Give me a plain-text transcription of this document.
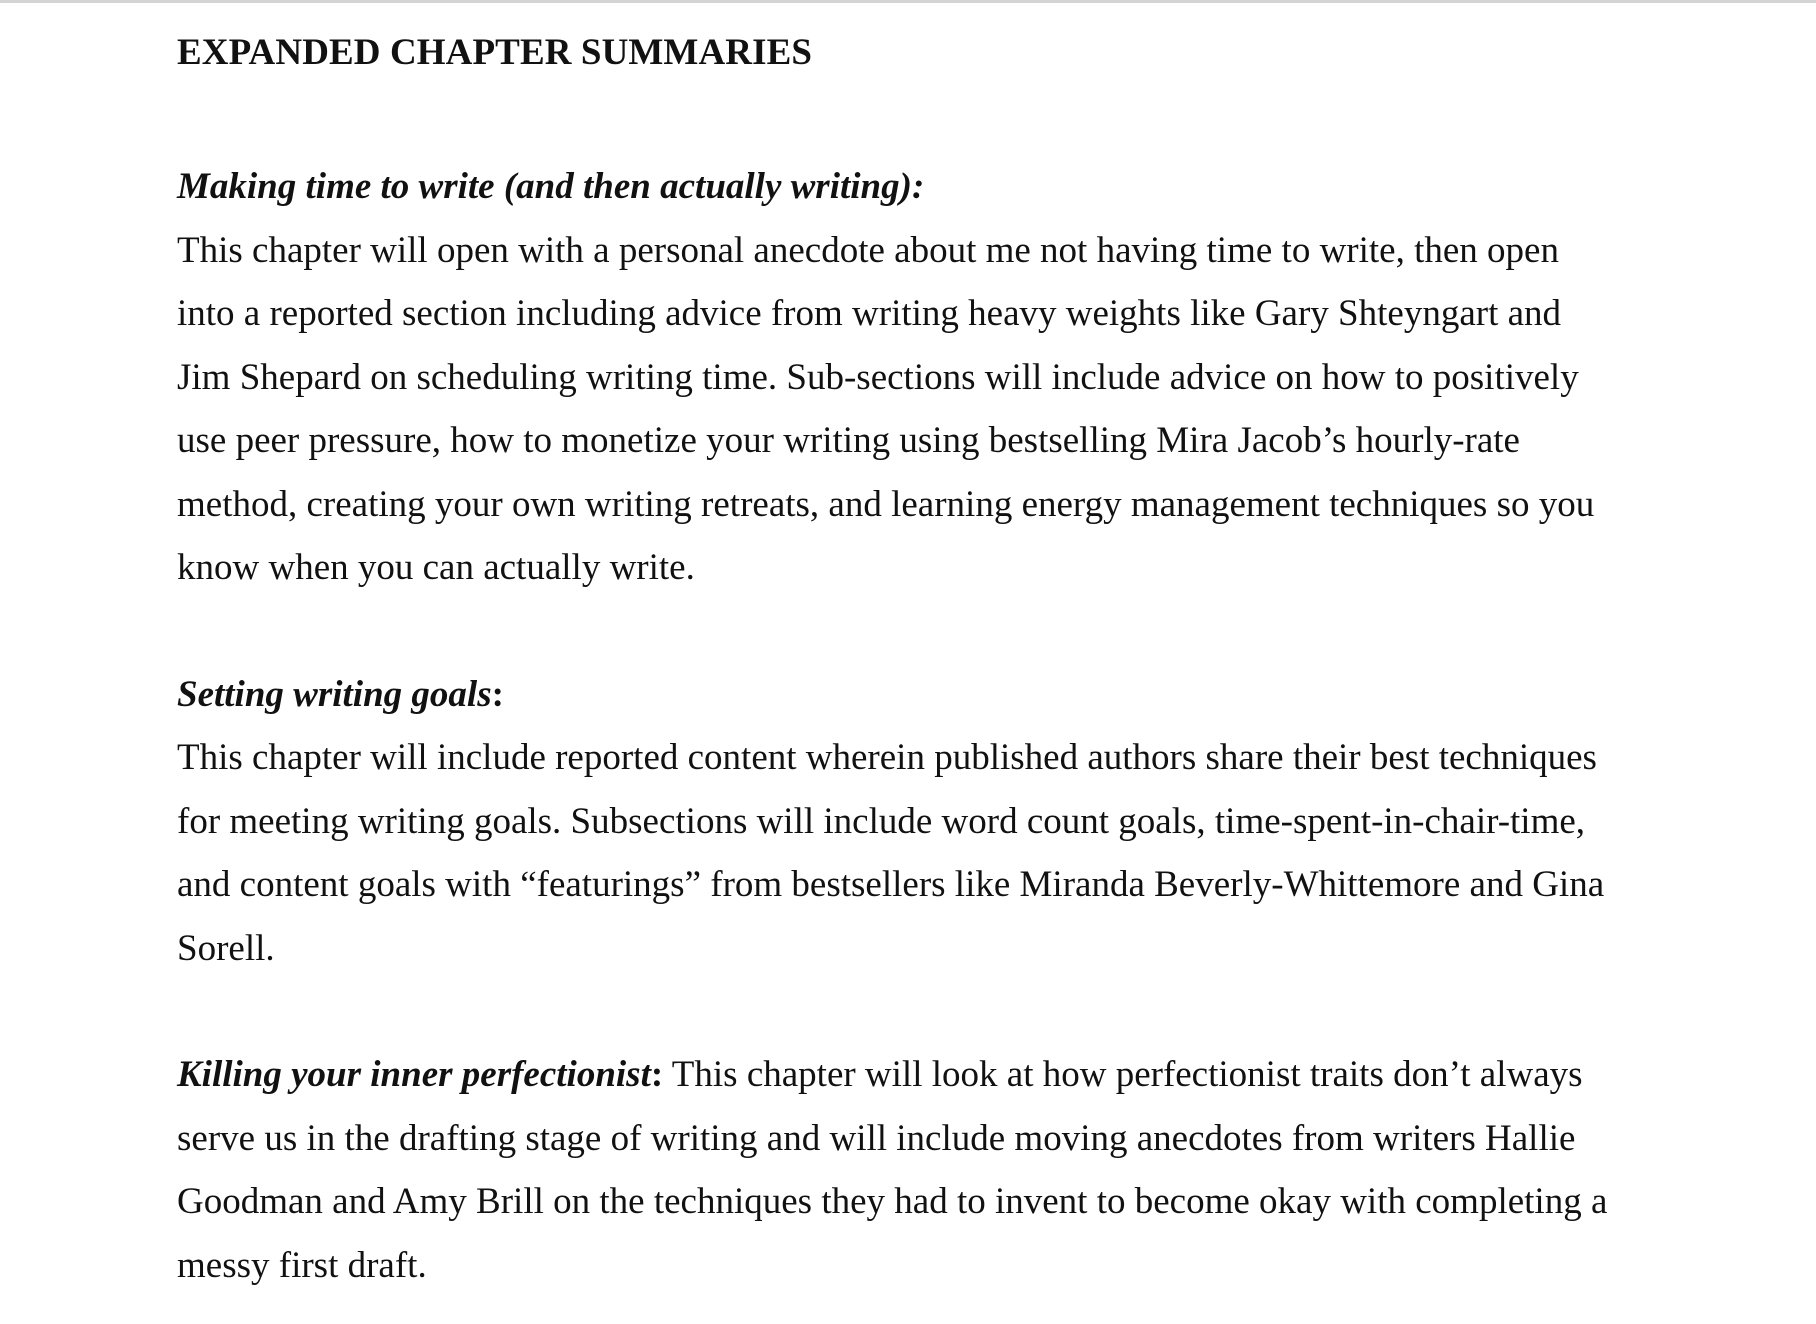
EXPANDED CHAPTER SUMMARIES

Making time to write (and then actually writing):

This chapter will open with a personal anecdote about me not having time to write, then open into a reported section including advice from writing heavy weights like Gary Shteyngart and Jim Shepard on scheduling writing time. Sub-sections will include advice on how to positively use peer pressure, how to monetize your writing using bestselling Mira Jacob’s hourly-rate method, creating your own writing retreats, and learning energy management techniques so you know when you can actually write.

Setting writing goals:

This chapter will include reported content wherein published authors share their best techniques for meeting writing goals. Subsections will include word count goals, time-spent-in-chair-time, and content goals with “featurings” from bestsellers like Miranda Beverly-Whittemore and Gina Sorell.

Killing your inner perfectionist: This chapter will look at how perfectionist traits don’t always serve us in the drafting stage of writing and will include moving anecdotes from writers Hallie Goodman and Amy Brill on the techniques they had to invent to become okay with completing a messy first draft.
